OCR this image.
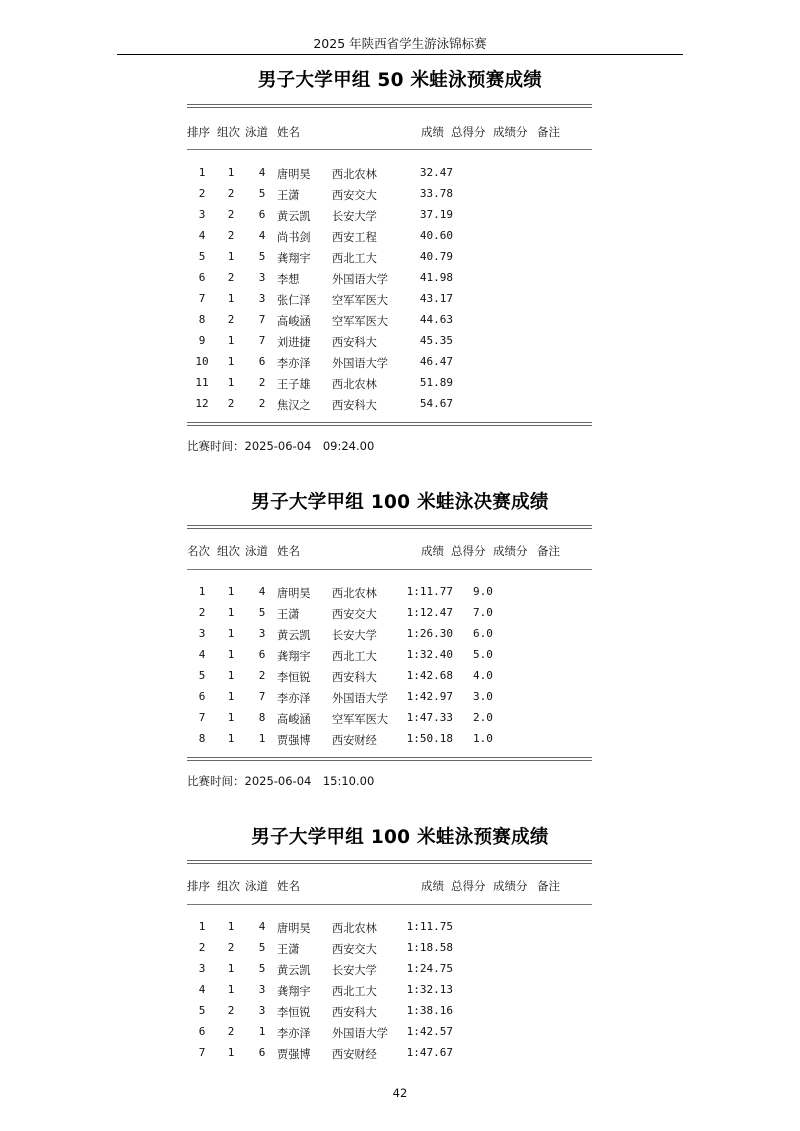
2025 年陕西省学生游泳锦标赛
男子大学甲组 50 米蛙泳预赛成绩
排序 组次 泳道 姓名	成绩 总得分 成绩分 备注
1	1	4	唐明昊 西北农林	32.47
2	2	5	王潇	西安交大	33.78
3	2	6	黄云凯 长安大学	37.19
4	2	4	尚书剑 西安工程	40.60
5	1	5	龚翔宇 西北工大	40.79
6	2	3	李想	外国语大学	41.98
7	1	3	张仁泽 空军军医大	43.17
8	2	7	高峻涵 空军军医大	44.63
9	1	7	刘进捷 西安科大	45.35
10	1	6	李亦泽 外国语大学	46.47
11	1	2	王子雄 西北农林	51.89
12	2	2	焦汉之 西安科大	54.67
比赛时间：2025-06-04　09:24.00
男子大学甲组 100 米蛙泳决赛成绩
名次 组次 泳道 姓名	成绩 总得分 成绩分 备注
1	1	4	唐明昊 西北农林	1:11.77 9.0
2	1	5	王潇	西安交大	1:12.47 7.0
3	1	3	黄云凯 长安大学	1:26.30 6.0
4	1	6	龚翔宇 西北工大	1:32.40 5.0
5	1	2	李恒锐 西安科大	1:42.68 4.0
6	1	7	李亦泽 外国语大学	1:42.97 3.0
7	1	8	高峻涵 空军军医大	1:47.33 2.0
8	1	1	贾强博 西安财经	1:50.18 1.0
比赛时间：2025-06-04　15:10.00
男子大学甲组 100 米蛙泳预赛成绩
排序 组次 泳道 姓名	成绩 总得分 成绩分 备注
1	1	4	唐明昊 西北农林	1:11.75
2	2	5	王潇	西安交大	1:18.58
3	1	5	黄云凯 长安大学	1:24.75
4	1	3	龚翔宇 西北工大	1:32.13
5	2	3	李恒锐 西安科大	1:38.16
6	2	1	李亦泽 外国语大学	1:42.57
7	1	6	贾强博 西安财经	1:47.67
42
